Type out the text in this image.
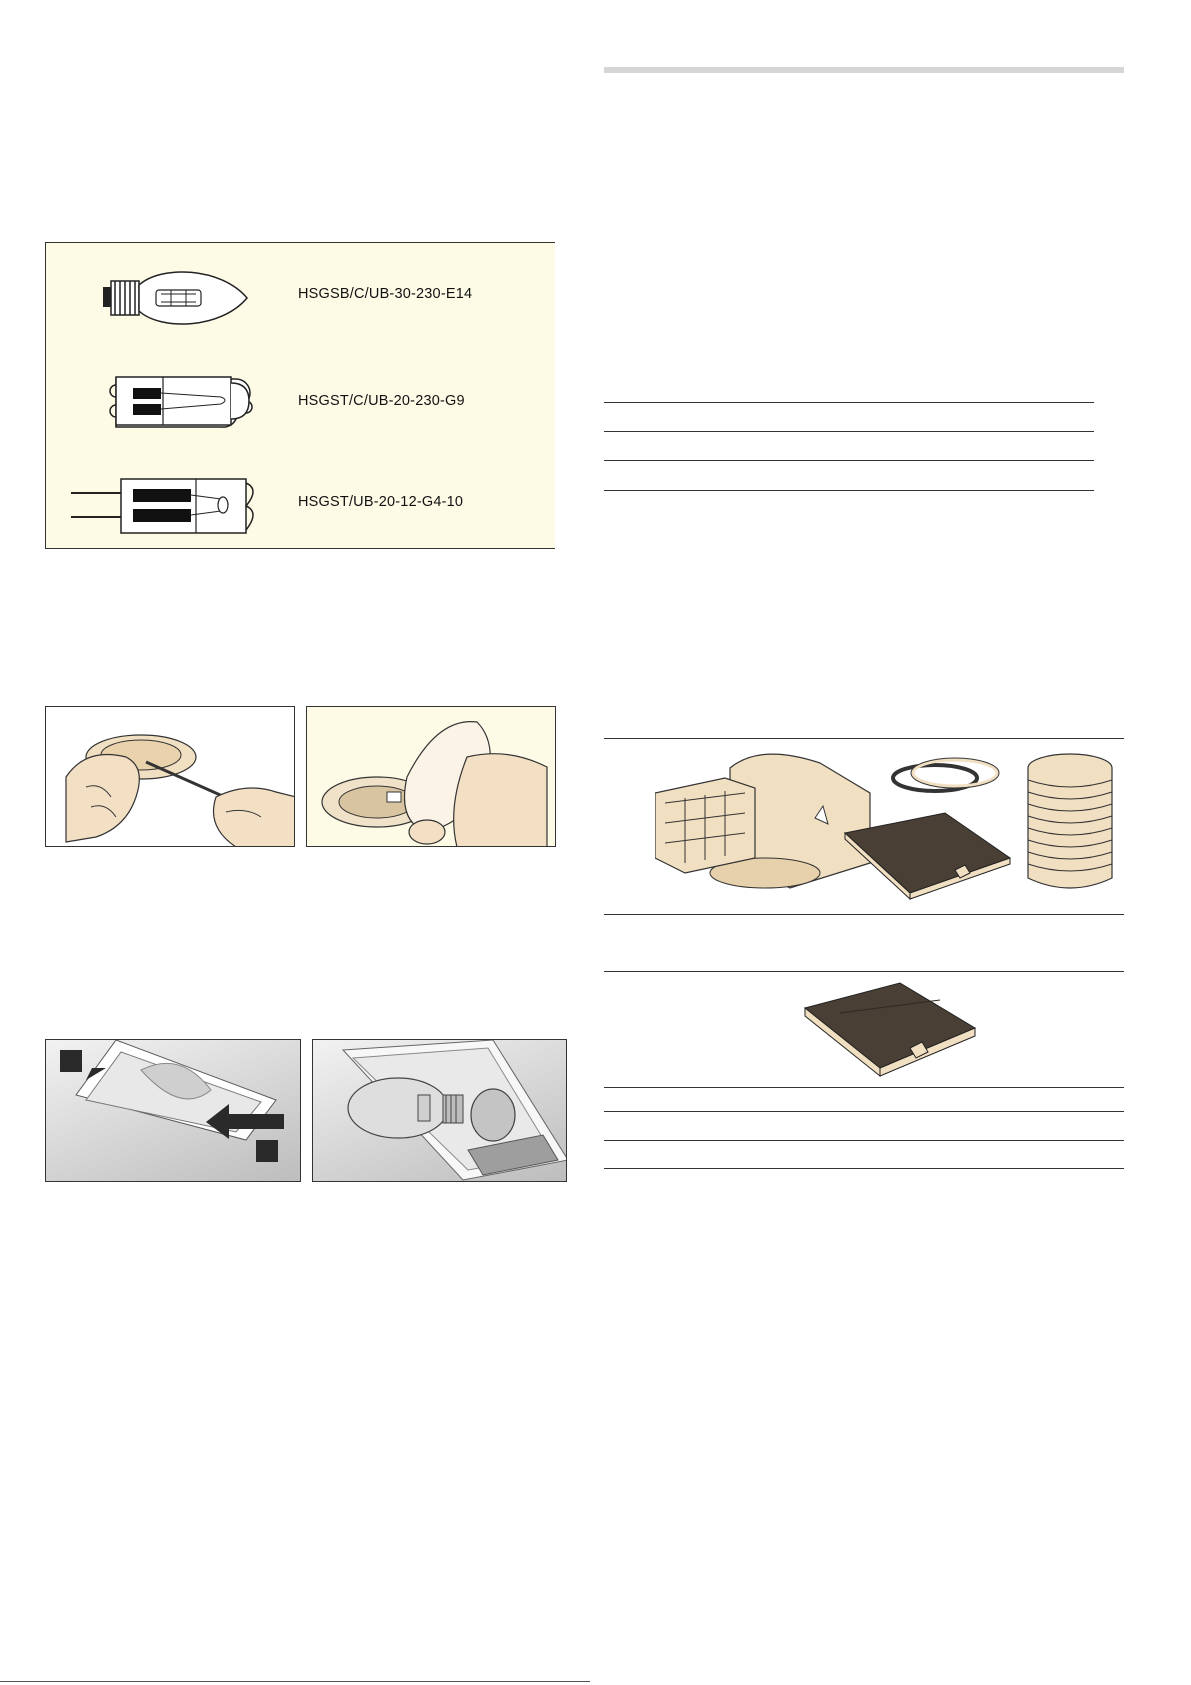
HSGSB/C/UB-30-230-E14
HSGST/C/UB-20-230-G9
HSGST/UB-20-12-G4-10
